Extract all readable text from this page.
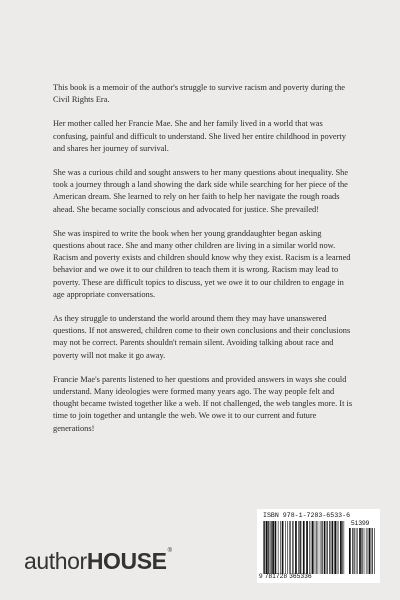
This book is a memoir of the author's struggle to survive racism and poverty during the Civil Rights Era.

Her mother called her Francie Mae. She and her family lived in a world that was confusing, painful and difficult to understand. She lived her entire childhood in poverty and shares her journey of survival.

She was a curious child and sought answers to her many questions about inequality. She took a journey through a land showing the dark side while searching for her piece of the American dream. She learned to rely on her faith to help her navigate the rough roads ahead. She became socially conscious and advocated for justice. She prevailed!

She was inspired to write the book when her young granddaughter began asking questions about race. She and many other children are living in a similar world now. Racism and poverty exists and children should know why they exist. Racism is a learned behavior and we owe it to our children to teach them it is wrong. Racism may lead to poverty. These are difficult topics to discuss, yet we owe it to our children to engage in age appropriate conversations.

As they struggle to understand the world around them they may have unanswered questions. If not answered, children come to their own conclusions and their conclusions may not be correct. Parents shouldn't remain silent. Avoiding talking about race and poverty will not make it go away.

Francie Mae's parents listened to her questions and provided answers in ways she could understand. Many ideologies were formed many years ago. The way people felt and thought became twisted together like a web. If not challenged, the web tangles more. It is time to join together and untangle the web. We owe it to our current and future generations!

authorHOUSE®
ISBN 978-1-7283-6533-6
51399
9 781728 365336
